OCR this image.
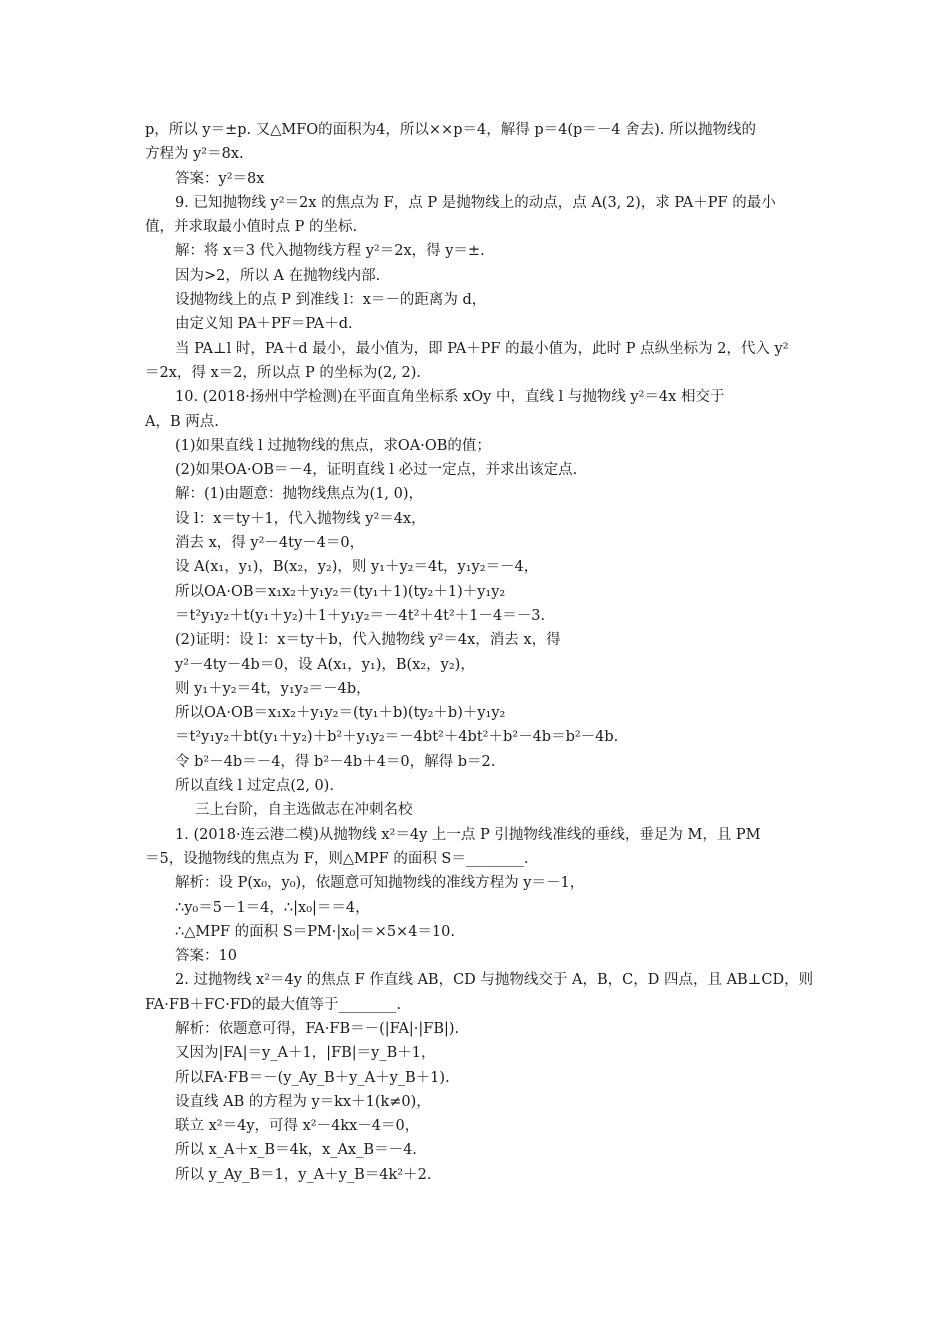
p，所以 y＝±p. 又△MFO的面积为4，所以××p＝4，解得 p＝4(p＝－4 舍去). 所以抛物线的
方程为 y²＝8x.
答案：y²＝8x
9. 已知抛物线 y²＝2x 的焦点为 F，点 P 是抛物线上的动点，点 A(3, 2)，求 PA＋PF 的最小
值，并求取最小值时点 P 的坐标.
解：将 x＝3 代入抛物线方程 y²＝2x，得 y＝±.
因为>2，所以 A 在抛物线内部.
设抛物线上的点 P 到准线 l：x＝－的距离为 d，
由定义知 PA＋PF＝PA＋d.
当 PA⊥l 时，PA＋d 最小，最小值为，即 PA＋PF 的最小值为，此时 P 点纵坐标为 2，代入 y²
＝2x，得 x＝2，所以点 P 的坐标为(2, 2).
10. (2018·扬州中学检测)在平面直角坐标系 xOy 中，直线 l 与抛物线 y²＝4x 相交于
A，B 两点.
(1)如果直线 l 过抛物线的焦点，求OA·OB的值；
(2)如果OA·OB＝－4，证明直线 l 必过一定点，并求出该定点.
解：(1)由题意：抛物线焦点为(1, 0)，
设 l：x＝ty＋1，代入抛物线 y²＝4x，
消去 x，得 y²－4ty－4＝0，
设 A(x₁，y₁)，B(x₂，y₂)，则 y₁＋y₂＝4t，y₁y₂＝－4，
所以OA·OB＝x₁x₂＋y₁y₂＝(ty₁＋1)(ty₂＋1)＋y₁y₂
＝t²y₁y₂＋t(y₁＋y₂)＋1＋y₁y₂＝－4t²＋4t²＋1－4＝－3.
(2)证明：设 l：x＝ty＋b，代入抛物线 y²＝4x，消去 x，得
y²－4ty－4b＝0，设 A(x₁，y₁)，B(x₂，y₂)，
则 y₁＋y₂＝4t，y₁y₂＝－4b，
所以OA·OB＝x₁x₂＋y₁y₂＝(ty₁＋b)(ty₂＋b)＋y₁y₂
＝t²y₁y₂＋bt(y₁＋y₂)＋b²＋y₁y₂＝－4bt²＋4bt²＋b²－4b＝b²－4b.
令 b²－4b＝－4，得 b²－4b＋4＝0，解得 b＝2.
所以直线 l 过定点(2, 0).
三上台阶，自主选做志在冲刺名校
1. (2018·连云港二模)从抛物线 x²＝4y 上一点 P 引抛物线准线的垂线，垂足为 M，且 PM
＝5，设抛物线的焦点为 F，则△MPF 的面积 S＝________.
解析：设 P(x₀，y₀)，依题意可知抛物线的准线方程为 y＝－1，
∴y₀＝5－1＝4，∴|x₀|＝＝4，
∴△MPF 的面积 S＝PM·|x₀|＝×5×4＝10.
答案：10
2. 过抛物线 x²＝4y 的焦点 F 作直线 AB，CD 与抛物线交于 A，B，C，D 四点，且 AB⊥CD，则
FA·FB＋FC·FD的最大值等于________.
解析：依题意可得，FA·FB＝－(|FA|·|FB|).
又因为|FA|＝y_A＋1，|FB|＝y_B＋1，
所以FA·FB＝－(y_Ay_B＋y_A＋y_B＋1).
设直线 AB 的方程为 y＝kx＋1(k≠0)，
联立 x²＝4y，可得 x²－4kx－4＝0，
所以 x_A＋x_B＝4k，x_Ax_B＝－4.
所以 y_Ay_B＝1，y_A＋y_B＝4k²＋2.
